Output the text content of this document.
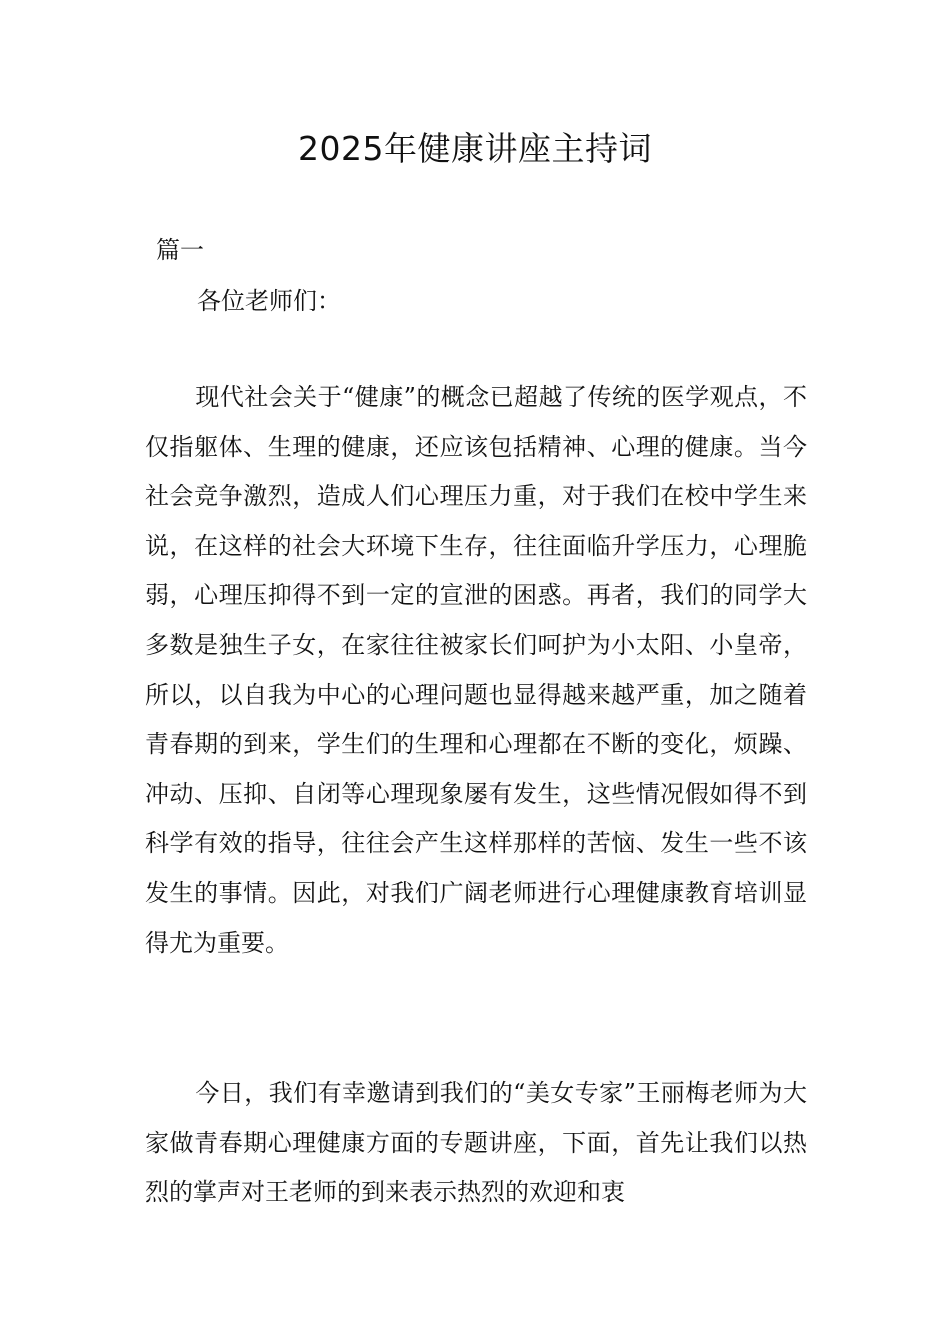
2025年健康讲座主持词
篇一
各位老师们：

现代社会关于“健康”的概念已超越了传统的医学观点，不仅指躯体、生理的健康，还应该包括精神、心理的健康。当今社会竞争激烈，造成人们心理压力重，对于我们在校中学生来说，在这样的社会大环境下生存，往往面临升学压力，心理脆弱，心理压抑得不到一定的宣泄的困惑。再者，我们的同学大多数是独生子女，在家往往被家长们呵护为小太阳、小皇帝，所以，以自我为中心的心理问题也显得越来越严重，加之随着青春期的到来，学生们的生理和心理都在不断的变化，烦躁、冲动、压抑、自闭等心理现象屡有发生，这些情况假如得不到科学有效的指导，往往会产生这样那样的苦恼、发生一些不该发生的事情。因此，对我们广阔老师进行心理健康教育培训显得尤为重要。

今日，我们有幸邀请到我们的“美女专家”王丽梅老师为大家做青春期心理健康方面的专题讲座，下面，首先让我们以热烈的掌声对王老师的到来表示热烈的欢迎和衷
